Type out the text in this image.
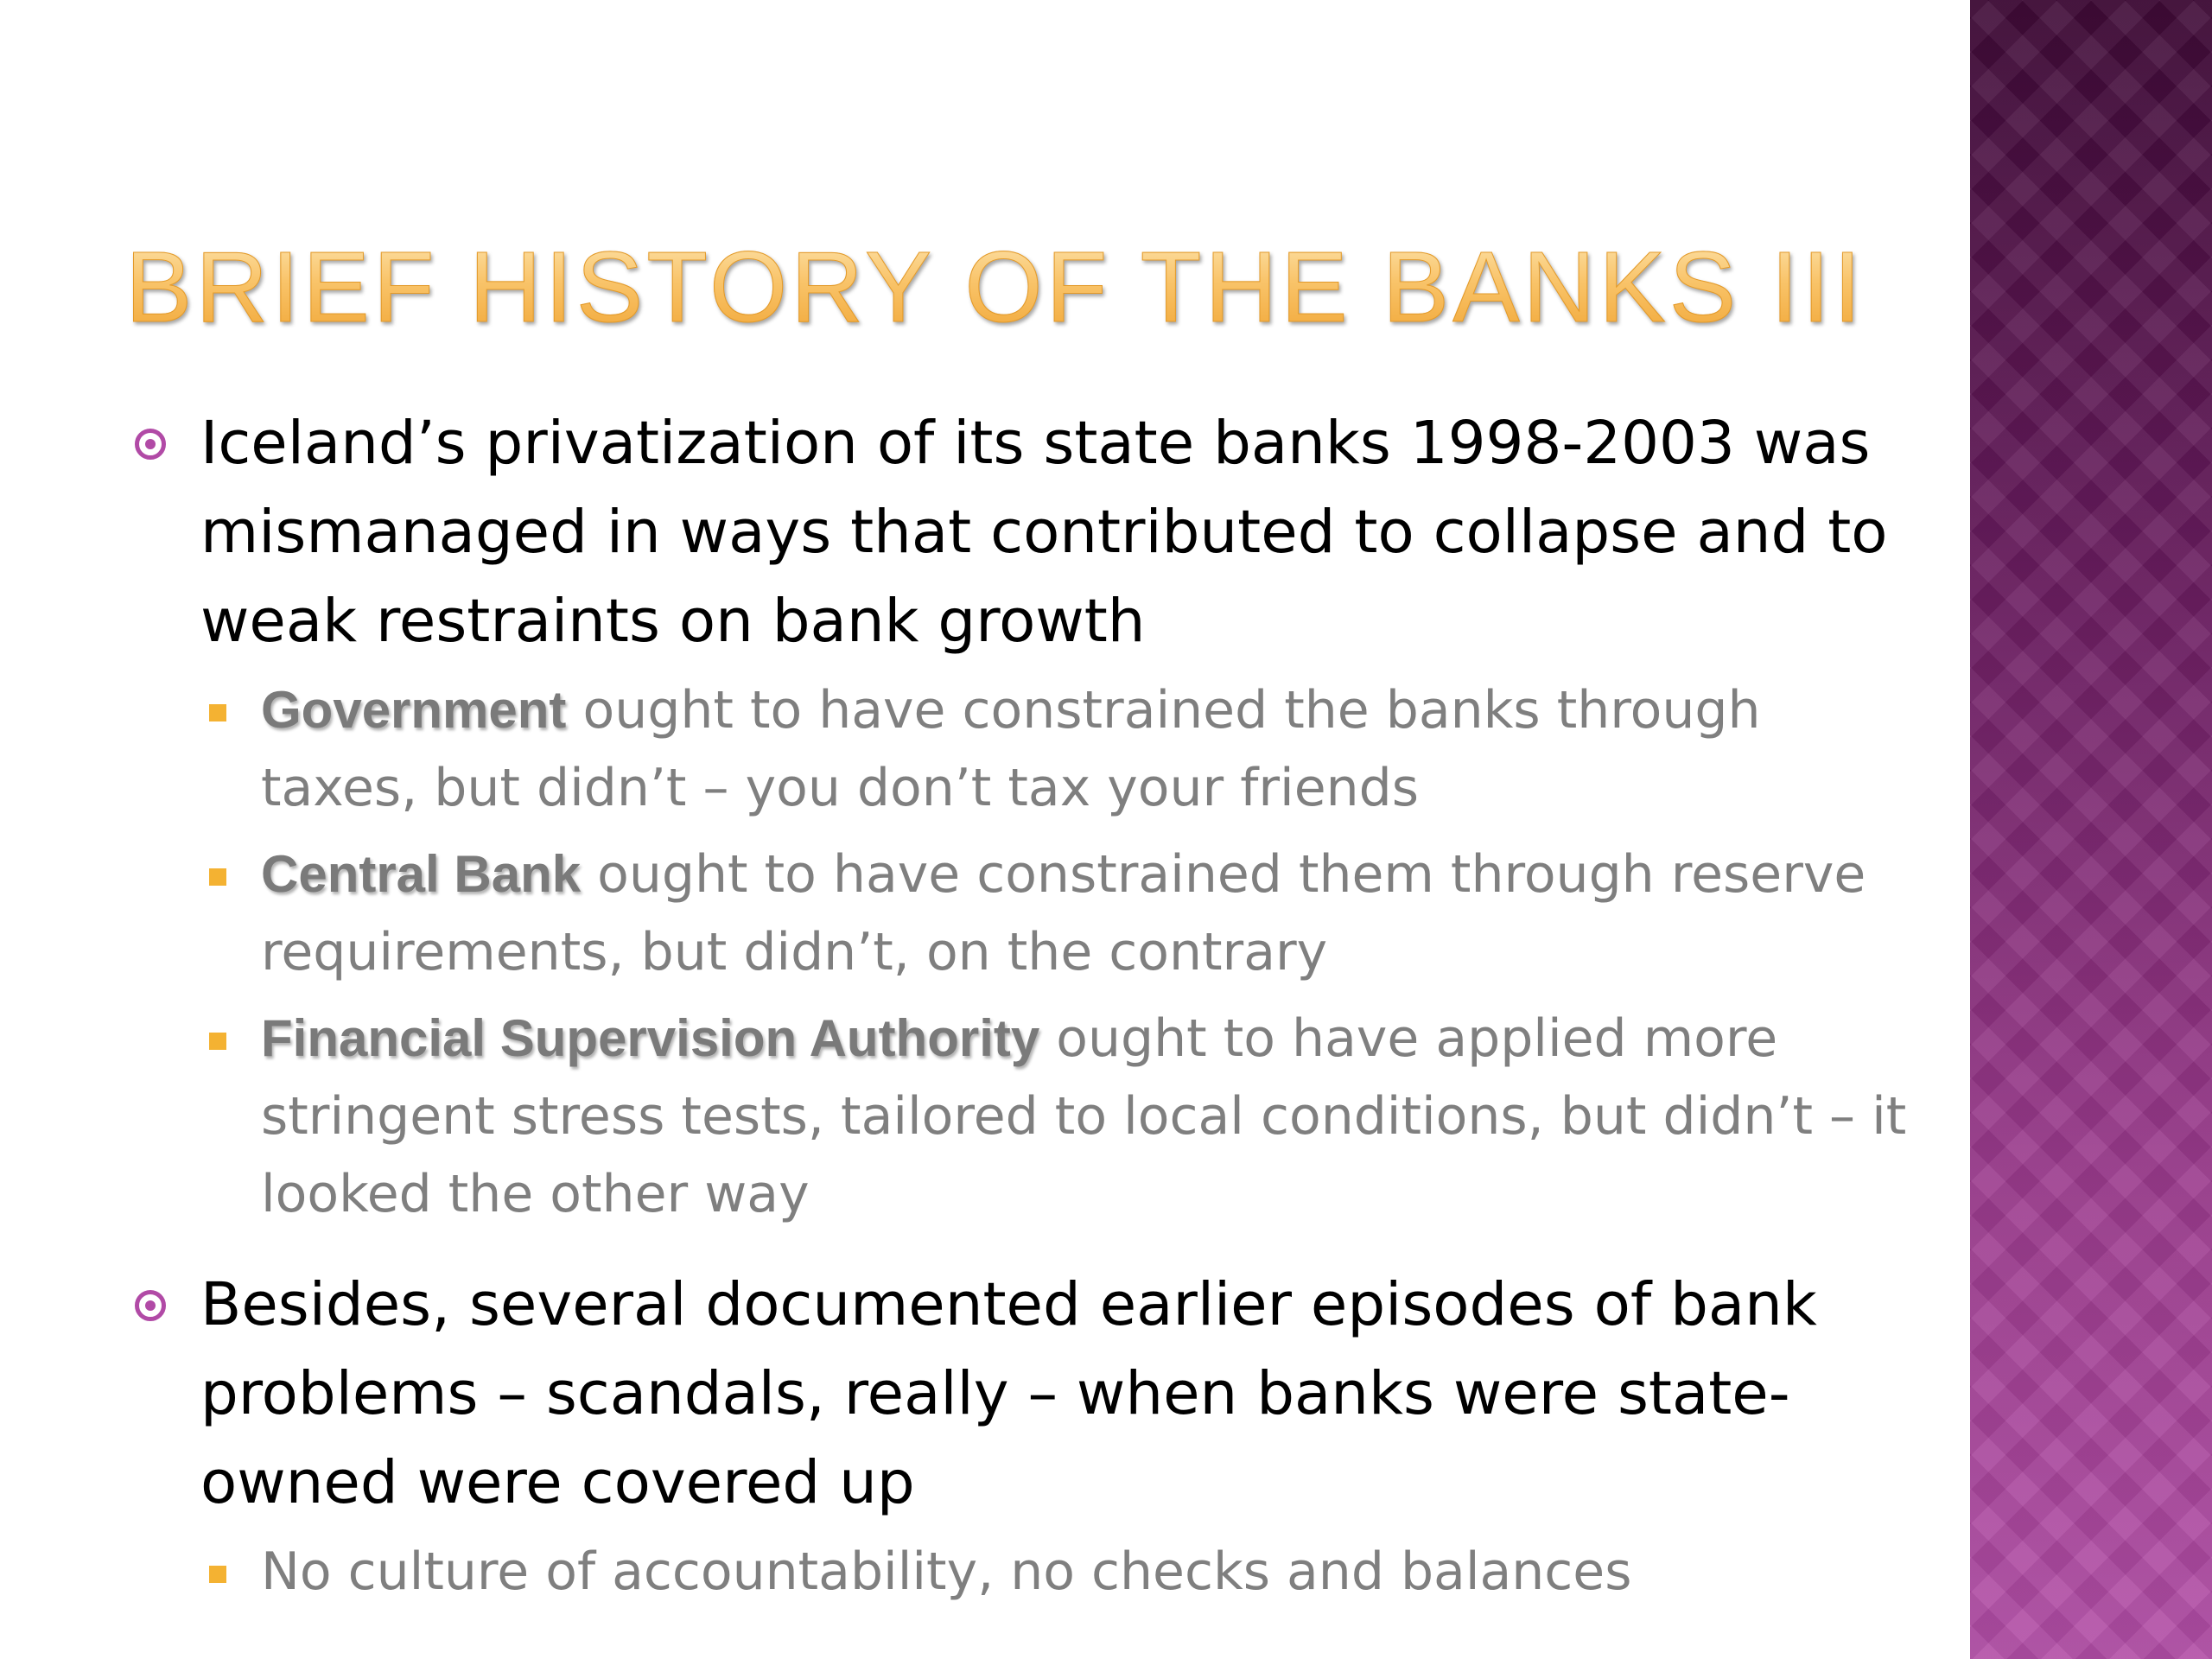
BRIEF HISTORY OF THE BANKS III
Iceland’s privatization of its state banks 1998-2003 was mismanaged in ways that contributed to collapse and to weak restraints on bank growth
Government ought to have constrained the banks through taxes, but didn’t – you don’t tax your friends
Central Bank ought to have constrained them through reserve requirements, but didn’t, on the contrary
Financial Supervision Authority ought to have applied more stringent stress tests, tailored to local conditions, but didn’t – it looked the other way
Besides, several documented earlier episodes of bank problems – scandals, really – when banks were state-owned were covered up
No culture of accountability, no checks and balances
